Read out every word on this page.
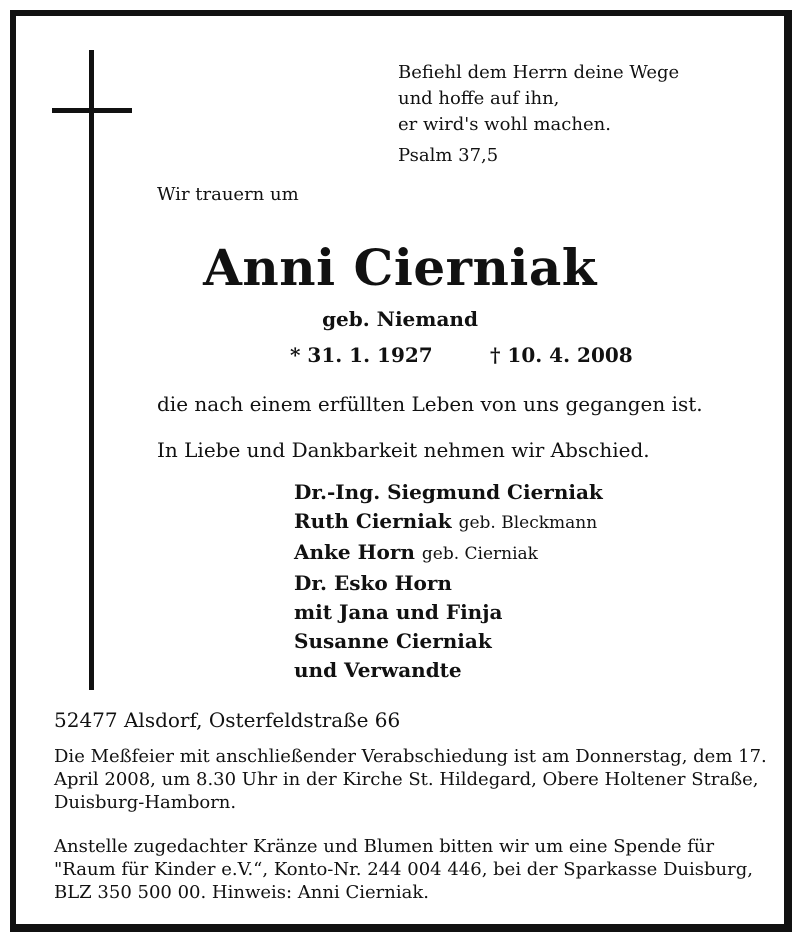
Befiehl dem Herrn deine Wege
und hoffe auf ihn,
er wird's wohl machen.
Psalm 37,5
Wir trauern um
Anni Cierniak
geb. Niemand
* 31. 1. 1927	† 10. 4. 2008
die nach einem erfüllten Leben von uns gegangen ist.
In Liebe und Dankbarkeit nehmen wir Abschied.
Dr.-Ing. Siegmund Cierniak
Ruth Cierniak geb. Bleckmann
Anke Horn geb. Cierniak
Dr. Esko Horn
mit Jana und Finja
Susanne Cierniak
und Verwandte
52477 Alsdorf, Osterfeldstraße 66
Die Meßfeier mit anschließender Verabschiedung ist am Donnerstag, dem 17. April 2008, um 8.30 Uhr in der Kirche St. Hildegard, Obere Holtener Straße, Duisburg-Hamborn.
Anstelle zugedachter Kränze und Blumen bitten wir um eine Spende für "Raum für Kinder e.V.“, Konto-Nr. 244 004 446, bei der Sparkasse Duisburg, BLZ 350 500 00. Hinweis: Anni Cierniak.
